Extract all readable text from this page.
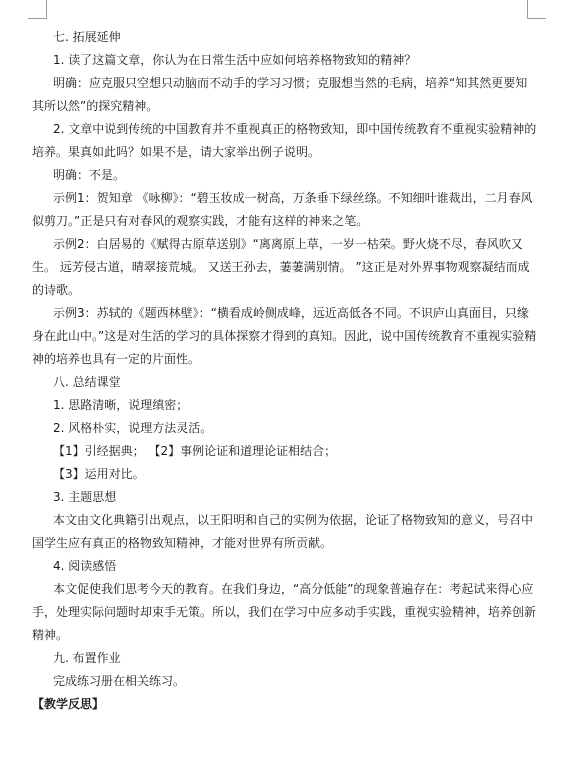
七. 拓展延伸

1. 读了这篇文章，你认为在日常生活中应如何培养格物致知的精神？

明确：应克服只空想只动脑而不动手的学习习惯；克服想当然的毛病，培养“知其然更要知其所以然”的探究精神。

2. 文章中说到传统的中国教育并不重视真正的格物致知，即中国传统教育不重视实验精神的培养。果真如此吗？如果不是，请大家举出例子说明。

明确：不是。

示例1：贺知章 《咏柳》：“碧玉妆成一树高，万条垂下绿丝绦。不知细叶谁裁出，二月春风似剪刀。”正是只有对春风的观察实践，才能有这样的神来之笔。

示例2：白居易的《赋得古原草送别》“离离原上草，一岁一枯荣。野火烧不尽，春风吹又生。 远芳侵古道，晴翠接荒城。 又送王孙去，萋萋满别情。 ”这正是对外界事物观察凝结而成的诗歌。

示例3：苏轼的《题西林壁》：“横看成岭侧成峰，远近高低各不同。不识庐山真面目，只缘身在此山中。”这是对生活的学习的具体探察才得到的真知。因此，说中国传统教育不重视实验精神的培养也具有一定的片面性。

八. 总结课堂

1. 思路清晰，说理缜密；

2. 风格朴实，说理方法灵活。

【1】引经据典； 【2】事例论证和道理论证相结合；

【3】运用对比。

3. 主题思想

本文由文化典籍引出观点，以王阳明和自己的实例为依据，论证了格物致知的意义，号召中国学生应有真正的格物致知精神，才能对世界有所贡献。

4. 阅读感悟

本文促使我们思考今天的教育。在我们身边，“高分低能”的现象普遍存在：考起试来得心应手，处理实际问题时却束手无策。所以，我们在学习中应多动手实践，重视实验精神，培养创新精神。

九. 布置作业

完成练习册在相关练习。

【教学反思】
